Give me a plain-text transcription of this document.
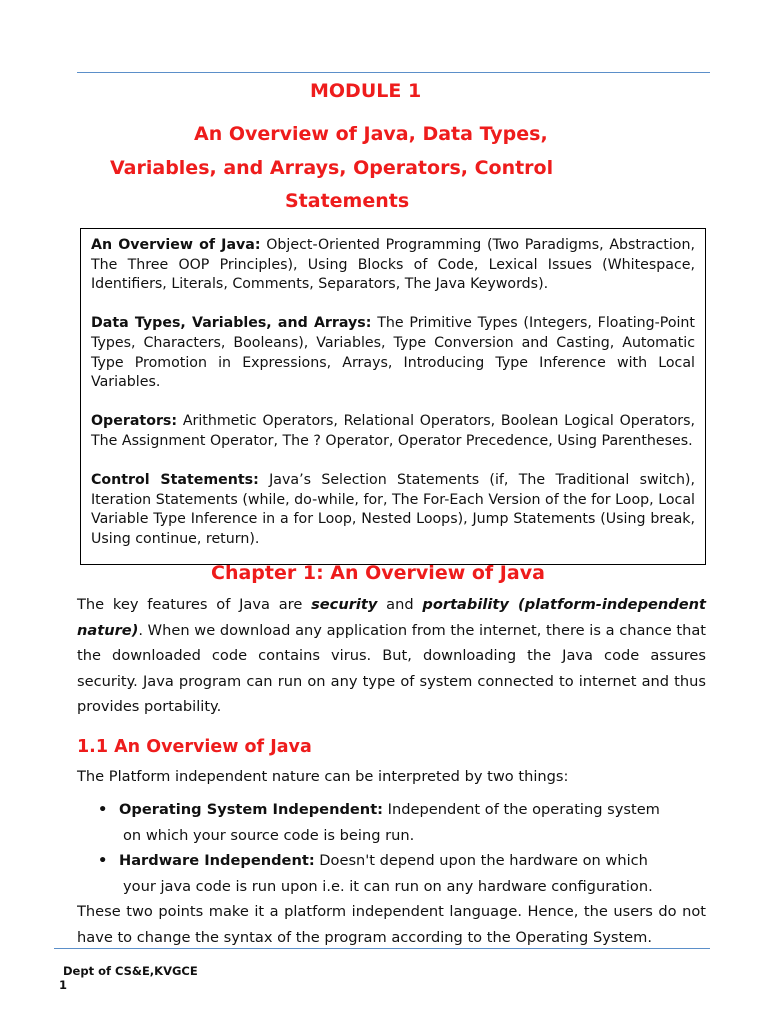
MODULE 1
An Overview of Java, Data Types,
Variables, and Arrays, Operators, Control
Statements

An Overview of Java: Object-Oriented Programming (Two Paradigms, Abstraction, The Three OOP Principles), Using Blocks of Code, Lexical Issues (Whitespace, Identifiers, Literals, Comments, Separators, The Java Keywords).

Data Types, Variables, and Arrays: The Primitive Types (Integers, Floating-Point Types, Characters, Booleans), Variables, Type Conversion and Casting, Automatic Type Promotion in Expressions, Arrays, Introducing Type Inference with Local Variables.

Operators: Arithmetic Operators, Relational Operators, Boolean Logical Operators, The Assignment Operator, The ? Operator, Operator Precedence, Using Parentheses.

Control Statements: Java’s Selection Statements (if, The Traditional switch), Iteration Statements (while, do-while, for, The For-Each Version of the for Loop, Local Variable Type Inference in a for Loop, Nested Loops), Jump Statements (Using break, Using continue, return).

Chapter 1: An Overview of Java
The key features of Java are security and portability (platform-independent nature). When we download any application from the internet, there is a chance that the downloaded code contains virus. But, downloading the Java code assures security. Java program can run on any type of system connected to internet and thus provides portability.
1.1 An Overview of Java
The Platform independent nature can be interpreted by two things:
• Operating System Independent: Independent of the operating system
on which your source code is being run.
• Hardware Independent: Doesn't depend upon the hardware on which
your java code is run upon i.e. it can run on any hardware configuration.
These two points make it a platform independent language. Hence, the users do not have to change the syntax of the program according to the Operating System.
Dept of CS&E,KVGCE
1
